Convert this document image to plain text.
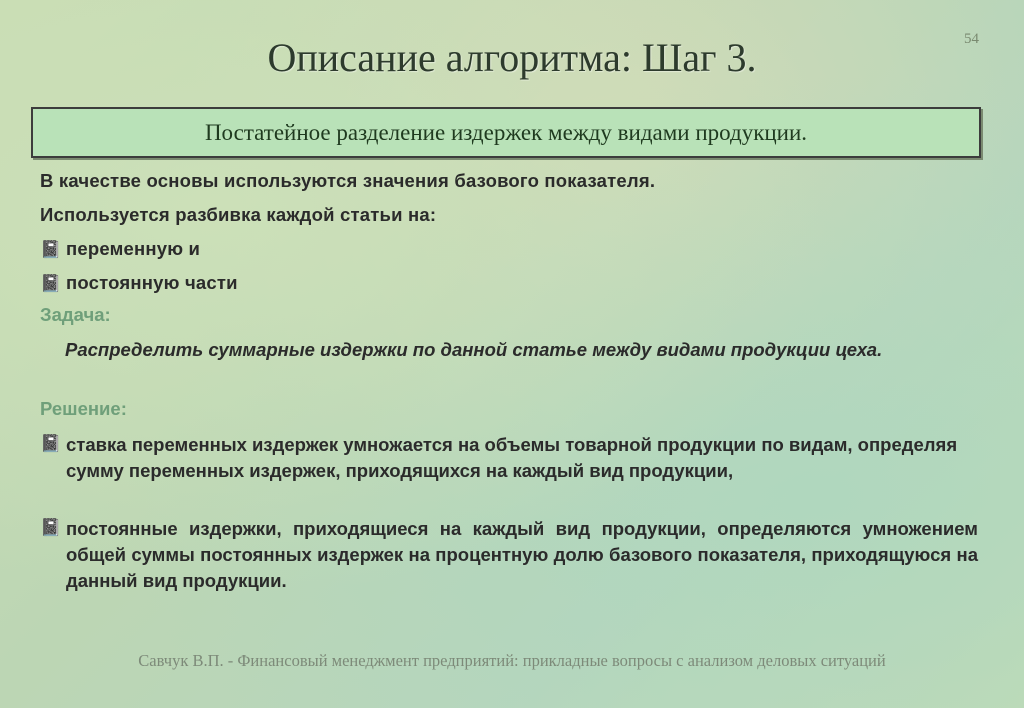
54
Описание алгоритма: Шаг 3.
Постатейное разделение издержек между видами продукции.
В качестве основы используются значения базового показателя.
Используется разбивка каждой статьи на:
📓 переменную и
📓 постоянную части
Задача:
Распределить суммарные издержки по данной статье между видами продукции цеха.
Решение:
📓 ставка переменных издержек умножается на объемы товарной продукции по видам, определяя сумму переменных издержек, приходящихся на каждый вид продукции,
📓 постоянные издержки, приходящиеся на каждый вид продукции, определяются умножением общей суммы постоянных издержек на процентную долю базового показателя, приходящуюся на данный вид продукции.
Савчук В.П. - Финансовый менеджмент предприятий: прикладные вопросы с анализом деловых ситуаций
